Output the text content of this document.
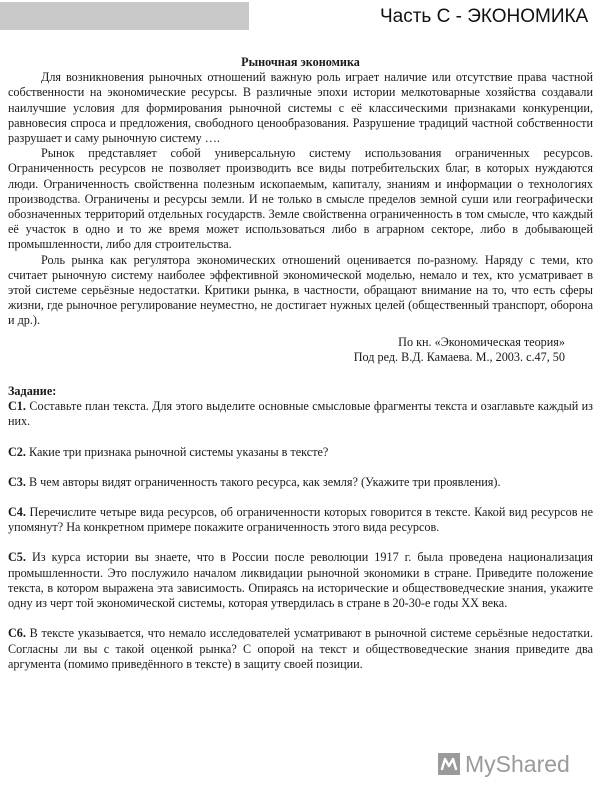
Часть С - ЭКОНОМИКА

Рыночная экономика

Для возникновения рыночных отношений важную роль играет наличие или отсутствие права частной собственности на экономические ресурсы. В различные эпохи истории мелкотоварные хозяйства создавали наилучшие условия для формирования рыночной системы с её классическими признаками конкуренции, равновесия спроса и предложения, свободного ценообразования. Разрушение традиций частной собственности разрушает и саму рыночную систему ….

Рынок представляет собой универсальную систему использования ограниченных ресурсов. Ограниченность ресурсов не позволяет производить все виды потребительских благ, в которых нуждаются люди. Ограниченность свойственна полезным ископаемым, капиталу, знаниям и информации о технологиях производства. Ограничены и ресурсы земли. И не только в смысле пределов земной суши или географически обозначенных территорий отдельных государств. Земле свойственна ограниченность в том смысле, что каждый её участок в одно и то же время может использоваться либо в аграрном секторе, либо в добывающей промышленности, либо для строительства.

Роль рынка как регулятора экономических отношений оценивается по-разному. Наряду с теми, кто считает рыночную систему наиболее эффективной экономической моделью, немало и тех, кто усматривает в этой системе серьёзные недостатки. Критики рынка, в частности, обращают внимание на то, что есть сферы жизни, где рыночное регулирование неуместно, не достигает нужных целей (общественный транспорт, оборона и др.).

По кн. «Экономическая теория»
Под ред. В.Д. Камаева. М., 2003. с.47, 50

Задание:

С1. Составьте план текста. Для этого выделите основные смысловые фрагменты текста и озаглавьте каждый из них.

С2. Какие три признака рыночной системы указаны в тексте?

С3. В чем авторы видят ограниченность такого ресурса, как земля? (Укажите три проявления).

С4. Перечислите четыре вида ресурсов, об ограниченности которых говорится в тексте. Какой вид ресурсов не упомянут? На конкретном примере покажите ограниченность этого вида ресурсов.

С5. Из курса истории вы знаете, что в России после революции 1917 г. была проведена национализация промышленности. Это послужило началом ликвидации рыночной экономики в стране. Приведите положение текста, в котором выражена эта зависимость. Опираясь на исторические и обществоведческие знания, укажите одну из черт той экономической системы, которая утвердилась в стране в 20-30-е годы XX века.

С6. В тексте указывается, что немало исследователей усматривают в рыночной системе серьёзные недостатки. Согласны ли вы с такой оценкой рынка? С опорой на текст и обществоведческие знания приведите два аргумента (помимо приведённого в тексте) в защиту своей позиции.

MyShared
